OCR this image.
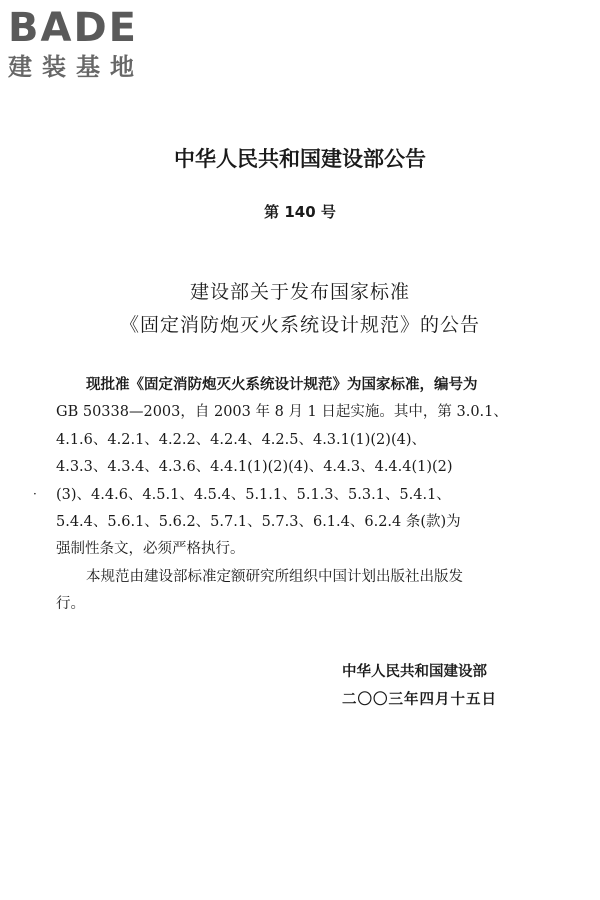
BADE
建装基地
中华人民共和国建设部公告
第 140 号
建设部关于发布国家标准
《固定消防炮灭火系统设计规范》的公告
·
现批准《固定消防炮灭火系统设计规范》为国家标准，编号为
GB 50338—2003，自 2003 年 8 月 1 日起实施。其中，第 3.0.1、
4.1.6、4.2.1、4.2.2、4.2.4、4.2.5、4.3.1(1)(2)(4)、
4.3.3、4.3.4、4.3.6、4.4.1(1)(2)(4)、4.4.3、4.4.4(1)(2)
(3)、4.4.6、4.5.1、4.5.4、5.1.1、5.1.3、5.3.1、5.4.1、
5.4.4、5.6.1、5.6.2、5.7.1、5.7.3、6.1.4、6.2.4 条(款)为
强制性条文，必须严格执行。
本规范由建设部标准定额研究所组织中国计划出版社出版发
行。
中华人民共和国建设部
二〇〇三年四月十五日
